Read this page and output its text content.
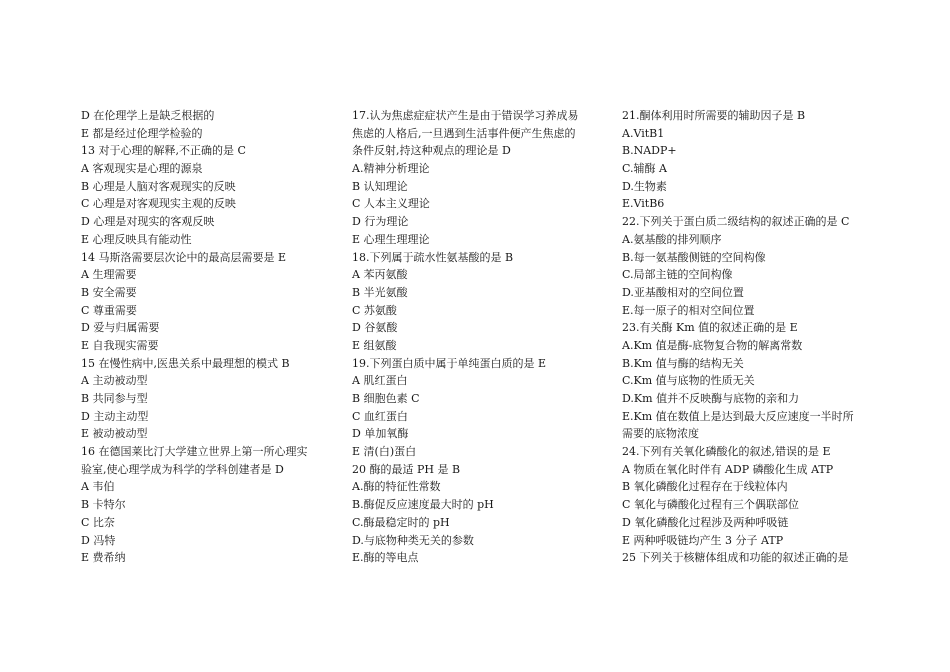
D 在伦理学上是缺乏根据的
E 都是经过伦理学检验的
13 对于心理的解释,不正确的是 C
A 客观现实是心理的源泉
B 心理是人脑对客观现实的反映
C 心理是对客观现实主观的反映
D 心理是对现实的客观反映
E 心理反映具有能动性
14 马斯洛需要层次论中的最高层需要是 E
A 生理需要
B 安全需要
C 尊重需要
D 爱与归属需要
E 自我现实需要
15 在慢性病中,医患关系中最理想的模式 B
A 主动被动型
B 共同参与型
D 主动主动型
E 被动被动型
16 在德国莱比汀大学建立世界上第一所心理实
验室,使心理学成为科学的学科创建者是 D
A 韦伯
B 卡特尔
C 比奈
D 冯特
E 费希纳
17.认为焦虑症症状产生是由于错误学习养成易
焦虑的人格后,一旦遇到生活事件便产生焦虑的
条件反射,持这种观点的理论是 D
A.精神分析理论
B 认知理论
C 人本主义理论
D 行为理论
E 心理生理理论
18.下列属于疏水性氨基酸的是 B
A 苯丙氨酸
B 半光氨酸
C 苏氨酸
D 谷氨酸
E 组氨酸
19.下列蛋白质中属于单纯蛋白质的是 E
A 肌红蛋白
B 细胞色素 C
C 血红蛋白
D 单加氧酶
E 清(白)蛋白
20 酶的最适 PH 是 B
A.酶的特征性常数
B.酶促反应速度最大时的 pH
C.酶最稳定时的 pH
D.与底物种类无关的参数
E.酶的等电点
21.酮体利用时所需要的辅助因子是 B
A.VitB1
B.NADP+
C.辅酶 A
D.生物素
E.VitB6
22.下列关于蛋白质二级结构的叙述正确的是 C
A.氨基酸的排列顺序
B.每一氨基酸侧链的空间构像
C.局部主链的空间构像
D.亚基酸相对的空间位置
E.每一原子的相对空间位置
23.有关酶 Km 值的叙述正确的是 E
A.Km 值是酶-底物复合物的解离常数
B.Km 值与酶的结构无关
C.Km 值与底物的性质无关
D.Km 值并不反映酶与底物的亲和力
E.Km 值在数值上是达到最大反应速度一半时所
需要的底物浓度
24.下列有关氧化磷酸化的叙述,错误的是 E
A 物质在氧化时伴有 ADP 磷酸化生成 ATP
B 氧化磷酸化过程存在于线粒体内
C 氧化与磷酸化过程有三个偶联部位
D 氧化磷酸化过程涉及两种呼吸链
E 两种呼吸链均产生 3 分子 ATP
25 下列关于核糖体组成和功能的叙述正确的是
